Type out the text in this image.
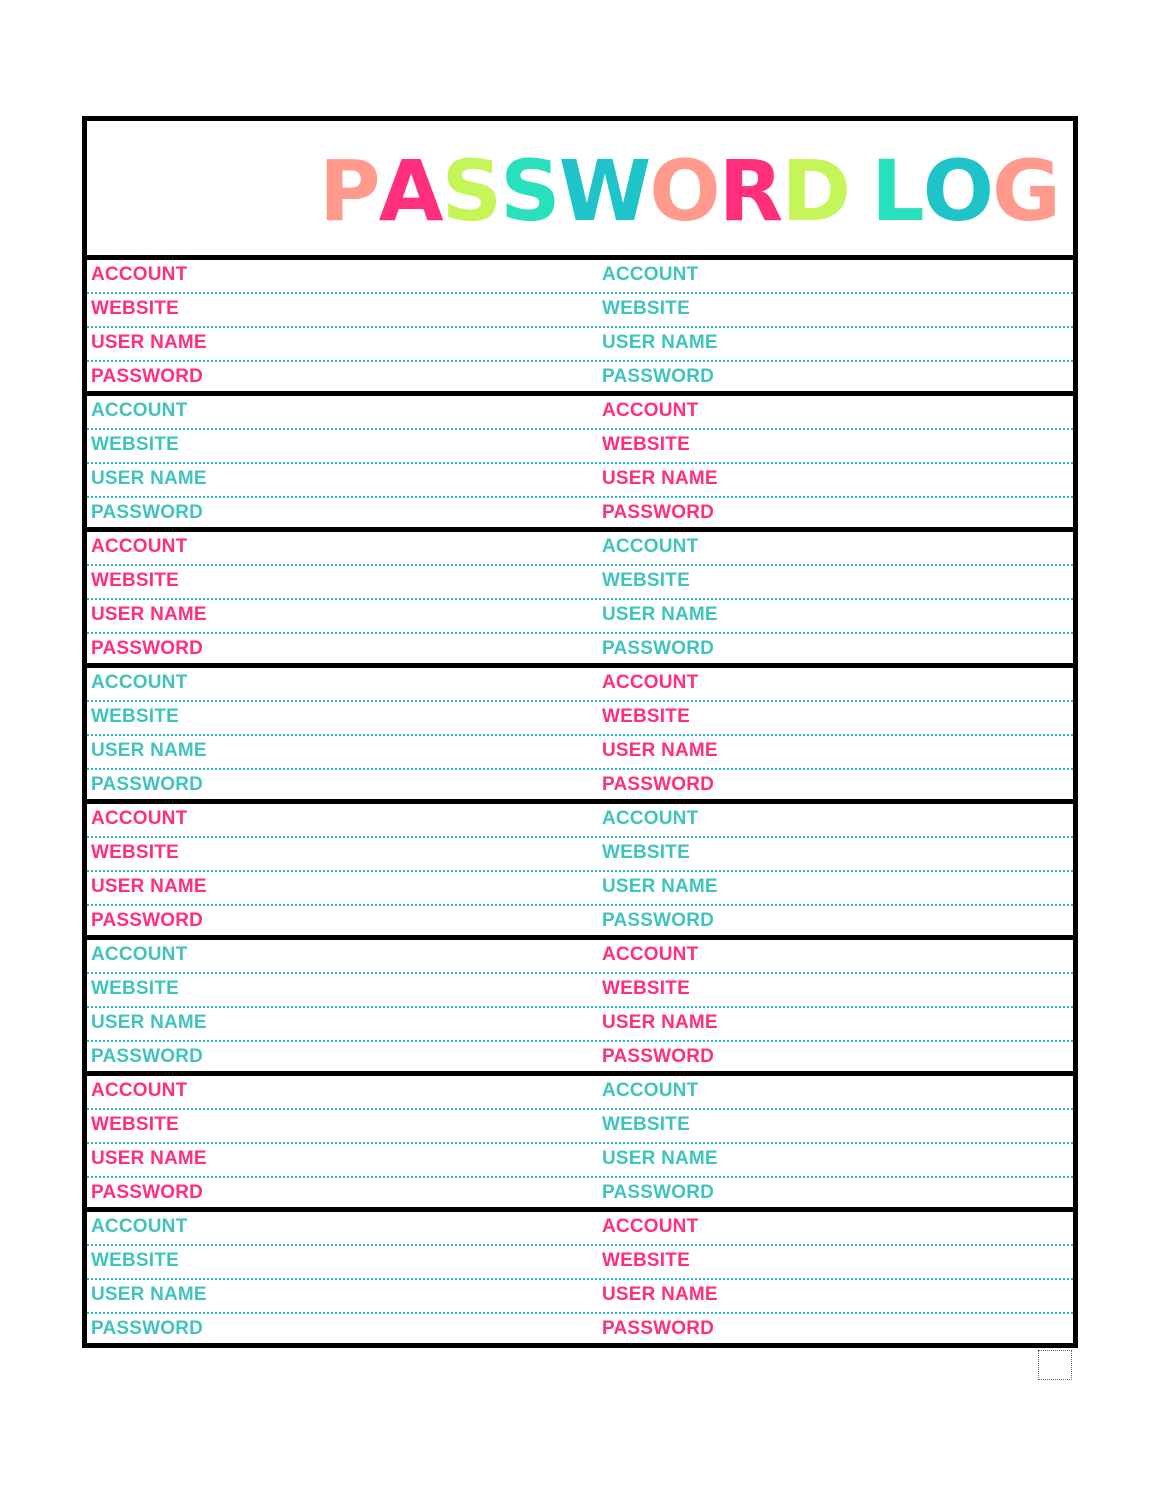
PASSWORD LOG
ACCOUNT	ACCOUNT
WEBSITE	WEBSITE
USER NAME	USER NAME
PASSWORD	PASSWORD
ACCOUNT	ACCOUNT
WEBSITE	WEBSITE
USER NAME	USER NAME
PASSWORD	PASSWORD
ACCOUNT	ACCOUNT
WEBSITE	WEBSITE
USER NAME	USER NAME
PASSWORD	PASSWORD
ACCOUNT	ACCOUNT
WEBSITE	WEBSITE
USER NAME	USER NAME
PASSWORD	PASSWORD
ACCOUNT	ACCOUNT
WEBSITE	WEBSITE
USER NAME	USER NAME
PASSWORD	PASSWORD
ACCOUNT	ACCOUNT
WEBSITE	WEBSITE
USER NAME	USER NAME
PASSWORD	PASSWORD
ACCOUNT	ACCOUNT
WEBSITE	WEBSITE
USER NAME	USER NAME
PASSWORD	PASSWORD
ACCOUNT	ACCOUNT
WEBSITE	WEBSITE
USER NAME	USER NAME
PASSWORD	PASSWORD
